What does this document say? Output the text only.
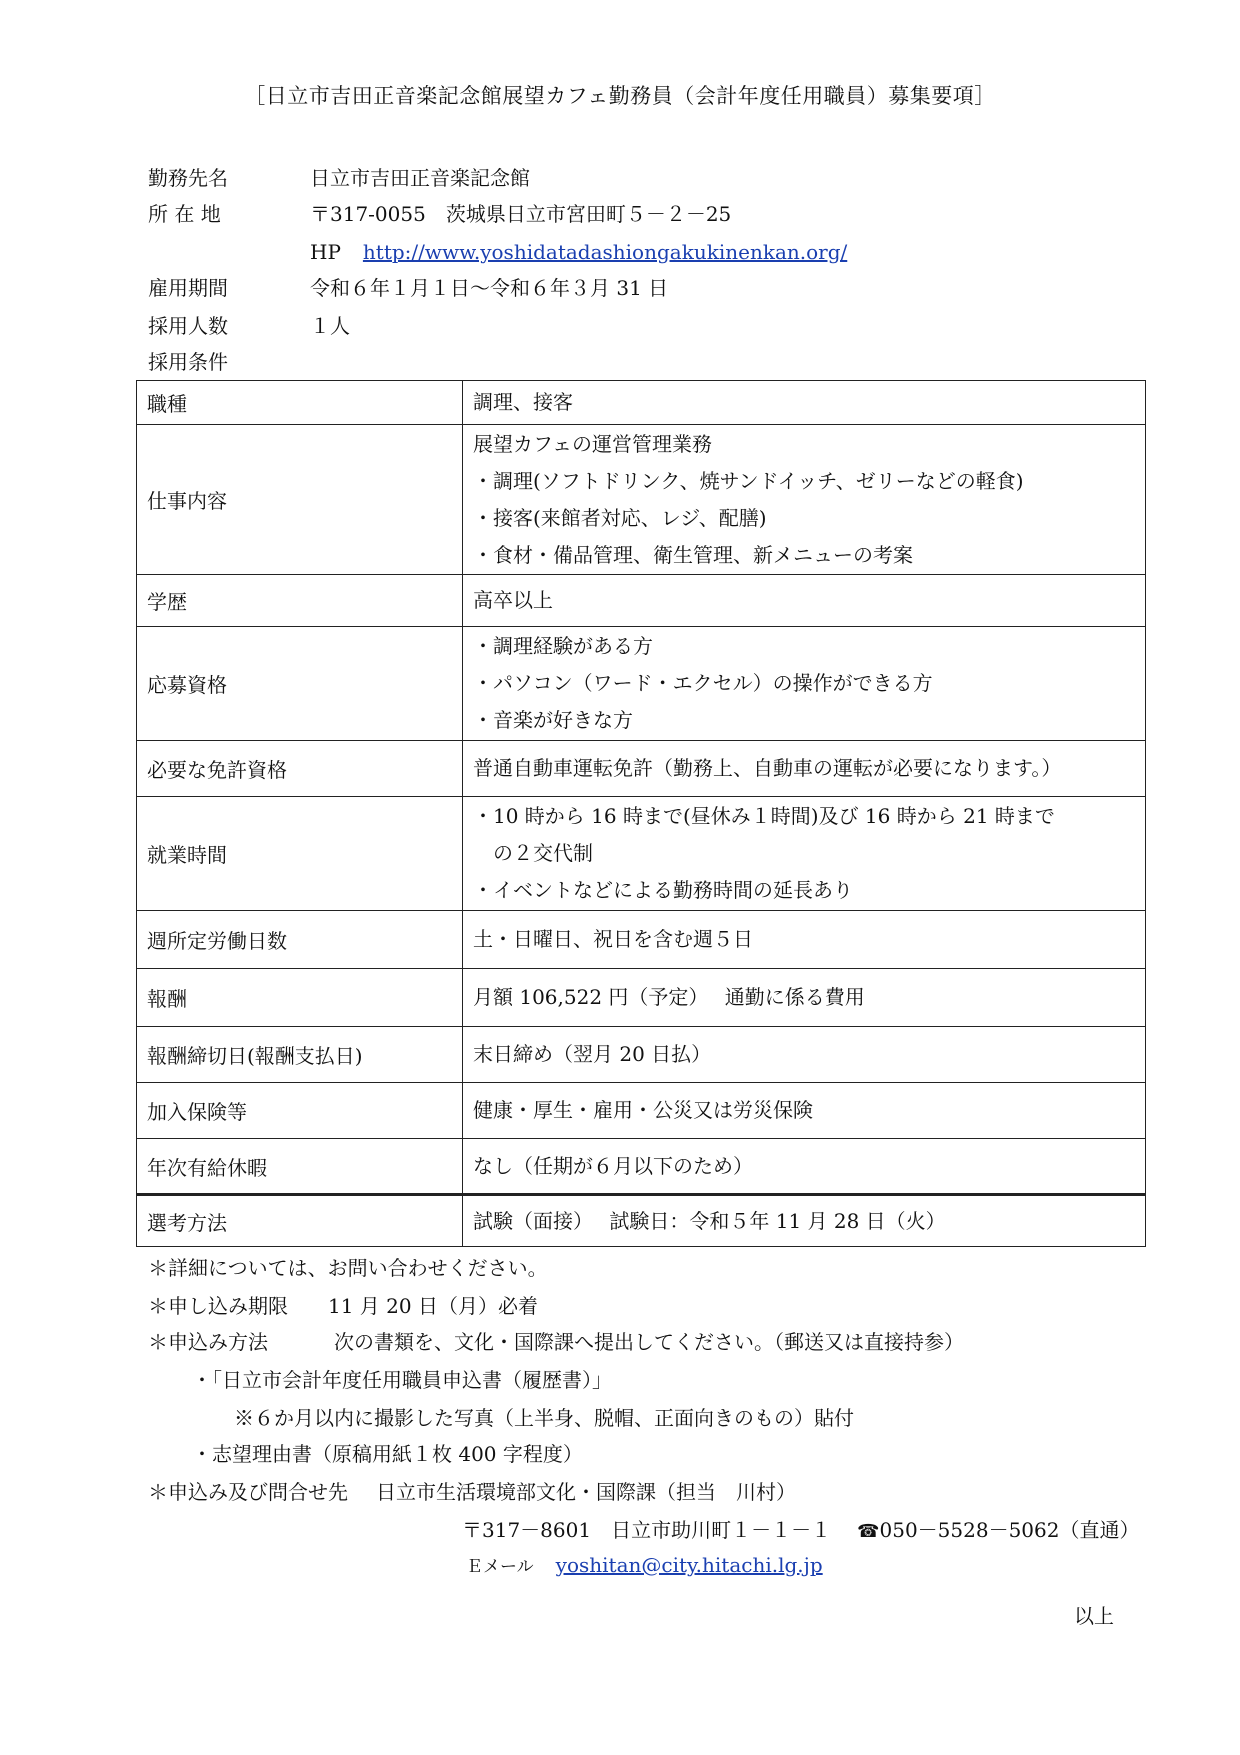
［日立市吉田正音楽記念館展望カフェ勤務員（会計年度任用職員）募集要項］
勤務先名	日立市吉田正音楽記念館
所 在 地	〒317-0055　茨城県日立市宮田町５－２－25
HP http://www.yoshidatadashiongakukinenkan.org/
雇用期間	令和６年１月１日～令和６年３月 31 日
採用人数	１人
採用条件
職種	調理、接客
仕事内容	展望カフェの運営管理業務
・調理(ソフトドリンク、焼サンドイッチ、ゼリーなどの軽食)
・接客(来館者対応、レジ、配膳)
・食材・備品管理、衛生管理、新メニューの考案

学歴	高卒以上
応募資格	・調理経験がある方
・パソコン（ワード・エクセル）の操作ができる方
・音楽が好きな方

必要な免許資格	普通自動車運転免許（勤務上、自動車の運転が必要になります。）
就業時間	・10 時から 16 時まで(昼休み１時間)及び 16 時から 21 時まで
の２交代制
・イベントなどによる勤務時間の延長あり

週所定労働日数	土・日曜日、祝日を含む週５日
報酬	月額 106,522 円（予定）　 通勤に係る費用
報酬締切日(報酬支払日)	末日締め（翌月 20 日払）
加入保険等	健康・厚生・雇用・公災又は労災保険
年次有給休暇	なし（任期が６月以下のため）
選考方法	試験（面接）　 試験日：令和５年 11 月 28 日（火）
＊詳細については、お問い合わせください。
＊申し込み期限 11 月 20 日（月）必着
＊申込み方法	次の書類を、文化・国際課へ提出してください。（郵送又は直接持参）
・「日立市会計年度任用職員申込書（履歴書）」
※６か月以内に撮影した写真（上半身、脱帽、正面向きのもの）貼付
・志望理由書（原稿用紙１枚 400 字程度）
＊申込み及び問合せ先 日立市生活環境部文化・国際課（担当　川村）
〒317－8601　日立市助川町１－１－１ ☎050－5528－5062（直通）
Ｅメール yoshitan@city.hitachi.lg.jp
以上
